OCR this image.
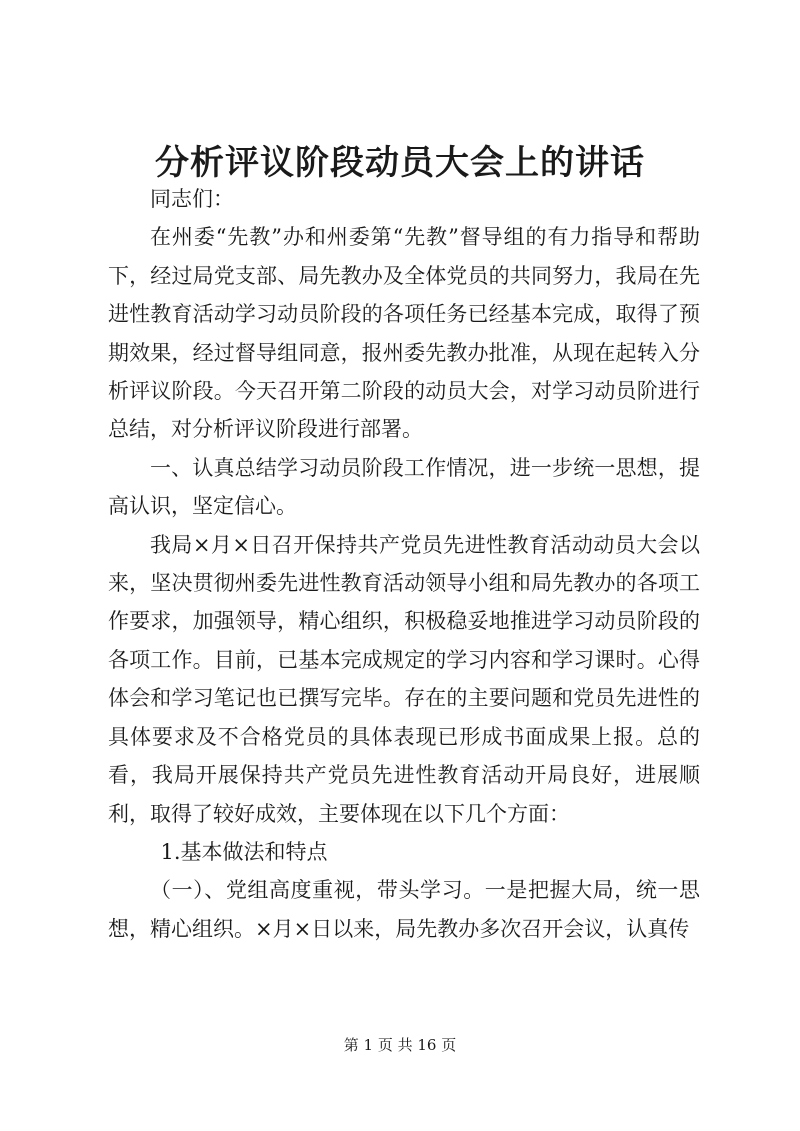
分析评议阶段动员大会上的讲话

同志们：

在州委“先教”办和州委第“先教”督导组的有力指导和帮助下，经过局党支部、局先教办及全体党员的共同努力，我局在先进性教育活动学习动员阶段的各项任务已经基本完成，取得了预期效果，经过督导组同意，报州委先教办批准，从现在起转入分析评议阶段。今天召开第二阶段的动员大会，对学习动员阶进行总结，对分析评议阶段进行部署。

一、认真总结学习动员阶段工作情况，进一步统一思想，提高认识，坚定信心。

我局×月×日召开保持共产党员先进性教育活动动员大会以来，坚决贯彻州委先进性教育活动领导小组和局先教办的各项工作要求，加强领导，精心组织，积极稳妥地推进学习动员阶段的各项工作。目前，已基本完成规定的学习内容和学习课时。心得体会和学习笔记也已撰写完毕。存在的主要问题和党员先进性的具体要求及不合格党员的具体表现已形成书面成果上报。总的看，我局开展保持共产党员先进性教育活动开局良好，进展顺利，取得了较好成效，主要体现在以下几个方面：

1.基本做法和特点

（一）、党组高度重视，带头学习。一是把握大局，统一思想，精心组织。×月×日以来，局先教办多次召开会议，认真传

第 1 页 共 16 页
